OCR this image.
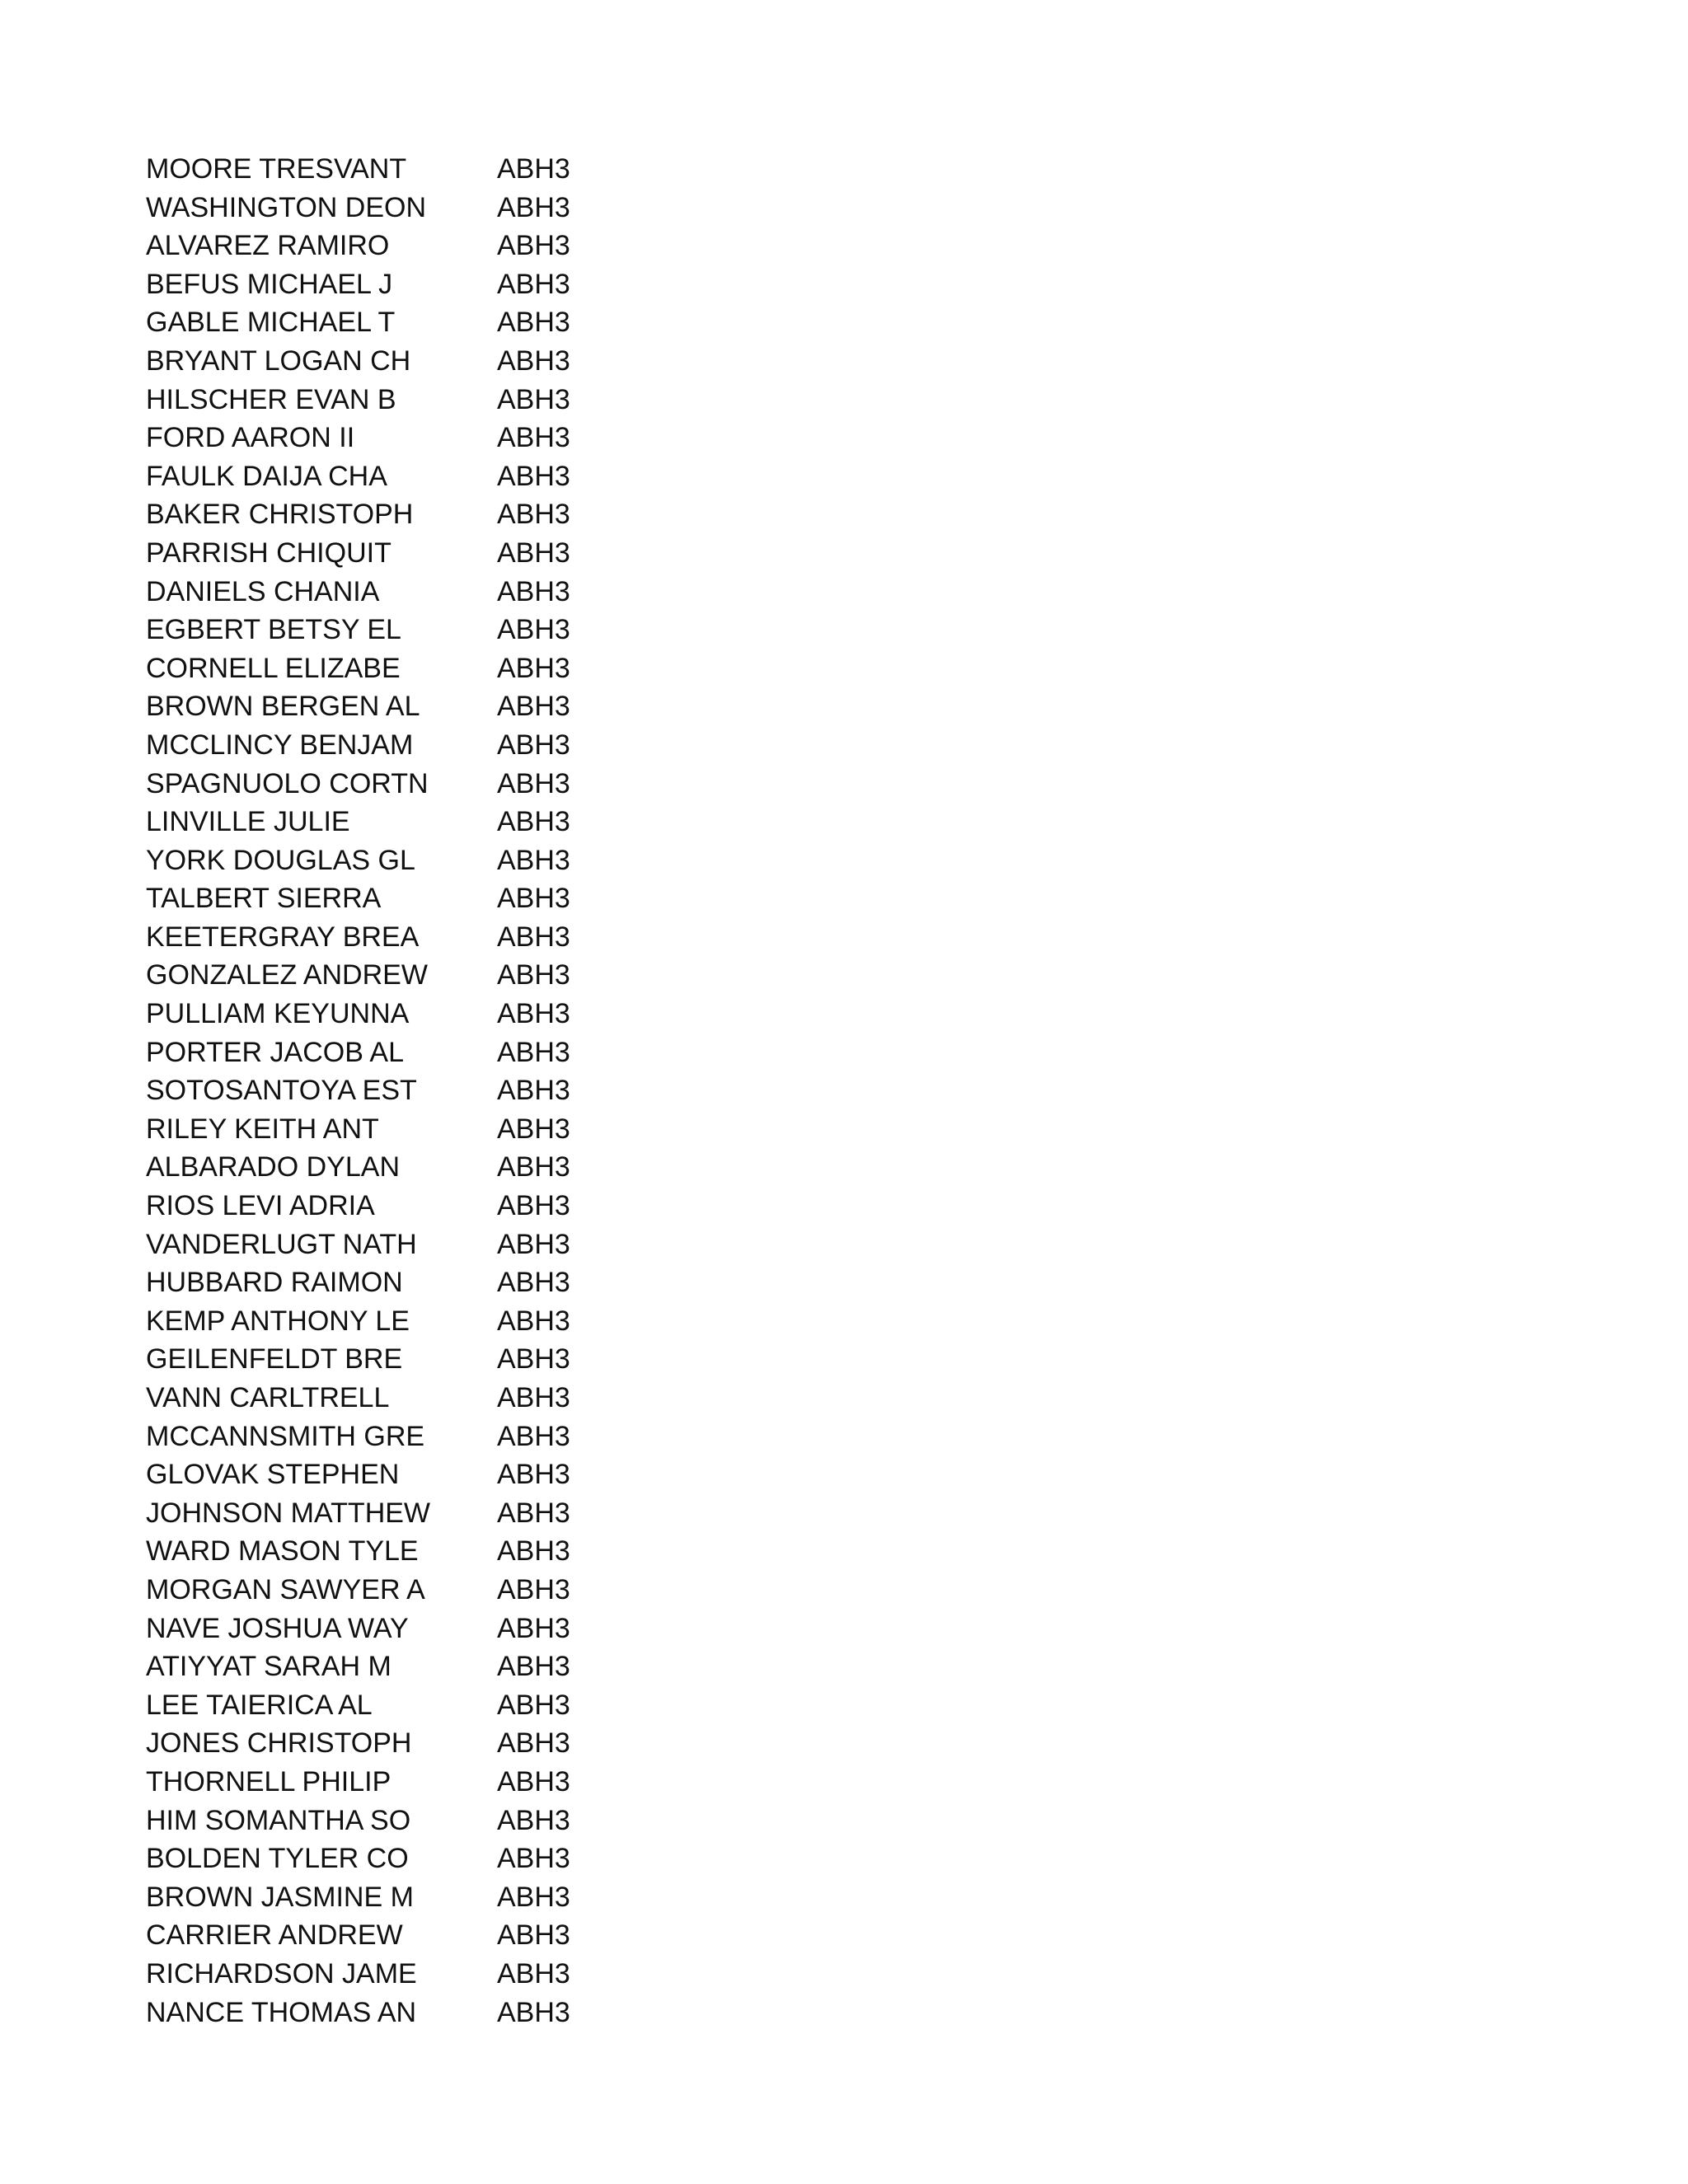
MOORE TRESVANT	ABH3
WASHINGTON DEON	ABH3
ALVAREZ RAMIRO	ABH3
BEFUS MICHAEL J	ABH3
GABLE MICHAEL T	ABH3
BRYANT LOGAN CH	ABH3
HILSCHER EVAN B	ABH3
FORD AARON II	ABH3
FAULK DAIJA CHA	ABH3
BAKER CHRISTOPH	ABH3
PARRISH CHIQUIT	ABH3
DANIELS CHANIA	ABH3
EGBERT BETSY EL	ABH3
CORNELL ELIZABE	ABH3
BROWN BERGEN AL	ABH3
MCCLINCY BENJAM	ABH3
SPAGNUOLO CORTN ABH3
LINVILLE JULIE	ABH3
YORK DOUGLAS GL	ABH3
TALBERT SIERRA	ABH3
KEETERGRAY BREA	ABH3
GONZALEZ ANDREW ABH3
PULLIAM KEYUNNA	ABH3
PORTER JACOB AL	ABH3
SOTOSANTOYA EST	ABH3
RILEY KEITH ANT	ABH3
ALBARADO DYLAN	ABH3
RIOS LEVI ADRIA	ABH3
VANDERLUGT NATH	ABH3
HUBBARD RAIMON	ABH3
KEMP ANTHONY LE	ABH3
GEILENFELDT BRE	ABH3
VANN CARLTRELL	ABH3
MCCANNSMITH GRE	ABH3
GLOVAK STEPHEN	ABH3
JOHNSON MATTHEW ABH3
WARD MASON TYLE	ABH3
MORGAN SAWYER A	ABH3
NAVE JOSHUA WAY	ABH3
ATIYYAT SARAH M	ABH3
LEE TAIERICA AL	ABH3
JONES CHRISTOPH	ABH3
THORNELL PHILIP	ABH3
HIM SOMANTHA SO	ABH3
BOLDEN TYLER CO	ABH3
BROWN JASMINE M	ABH3
CARRIER ANDREW	ABH3
RICHARDSON JAME	ABH3
NANCE THOMAS AN	ABH3
